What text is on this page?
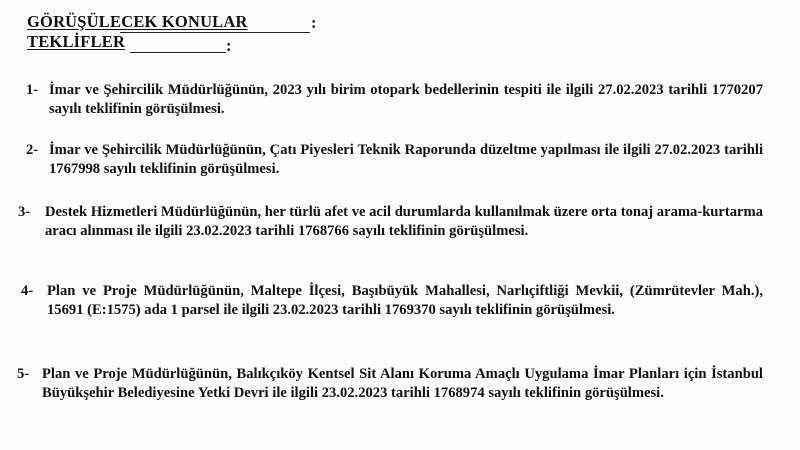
GÖRÜŞÜLECEK KONULAR	:
TEKLİFLER	:
1- İmar ve Şehircilik Müdürlüğünün, 2023 yılı birim otopark bedellerinin tespiti ile ilgili 27.02.2023 tarihli 1770207 sayılı teklifinin görüşülmesi.
2- İmar ve Şehircilik Müdürlüğünün, Çatı Piyesleri Teknik Raporunda düzeltme yapılması ile ilgili 27.02.2023 tarihli 1767998 sayılı teklifinin görüşülmesi.
3- Destek Hizmetleri Müdürlüğünün, her türlü afet ve acil durumlarda kullanılmak üzere orta tonaj arama-kurtarma aracı alınması ile ilgili 23.02.2023 tarihli 1768766 sayılı teklifinin görüşülmesi.
4- Plan ve Proje Müdürlüğünün, Maltepe İlçesi, Başıbüyük Mahallesi, Narlıçiftliği Mevkii, (Zümrütevler Mah.), 15691 (E:1575) ada 1 parsel ile ilgili 23.02.2023 tarihli 1769370 sayılı teklifinin görüşülmesi.
5- Plan ve Proje Müdürlüğünün, Balıkçıköy Kentsel Sit Alanı Koruma Amaçlı Uygulama İmar Planları için İstanbul Büyükşehir Belediyesine Yetki Devri ile ilgili 23.02.2023 tarihli 1768974 sayılı teklifinin görüşülmesi.
